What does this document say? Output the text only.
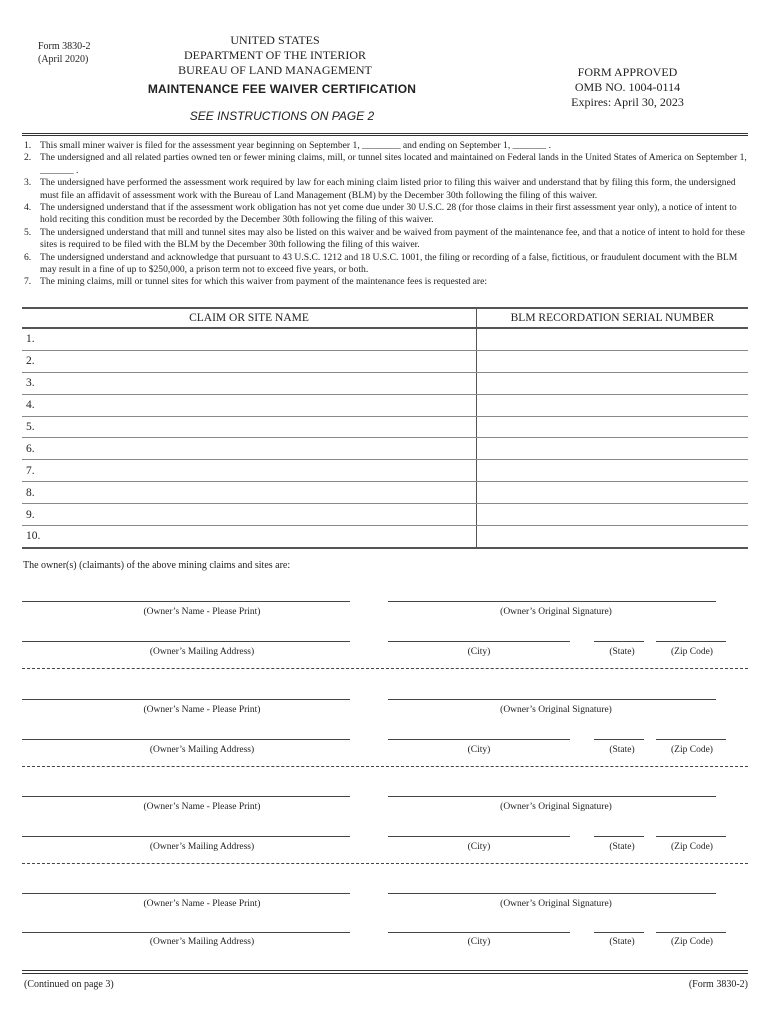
Form 3830-2
(April 2020)
UNITED STATES
DEPARTMENT OF THE INTERIOR
BUREAU OF LAND MANAGEMENT
MAINTENANCE FEE WAIVER CERTIFICATION
FORM APPROVED
OMB NO. 1004-0114
Expires: April 30, 2023
SEE INSTRUCTIONS ON PAGE 2
1. This small miner waiver is filed for the assessment year beginning on September 1, ________ and ending on September 1, _______ .
2. The undersigned and all related parties owned ten or fewer mining claims, mill, or tunnel sites located and maintained on Federal lands in the United States of America on September 1, _______ .
3. The undersigned have performed the assessment work required by law for each mining claim listed prior to filing this waiver and understand that by filing this form, the undersigned must file an affidavit of assessment work with the Bureau of Land Management (BLM) by the December 30th following the filing of this waiver.
4. The undersigned understand that if the assessment work obligation has not yet come due under 30 U.S.C. 28 (for those claims in their first assessment year only), a notice of intent to hold reciting this condition must be recorded by the December 30th following the filing of this waiver.
5. The undersigned understand that mill and tunnel sites may also be listed on this waiver and be waived from payment of the maintenance fee, and that a notice of intent to hold for these sites is required to be filed with the BLM by the December 30th following the filing of this waiver.
6. The undersigned understand and acknowledge that pursuant to 43 U.S.C. 1212 and 18 U.S.C. 1001, the filing or recording of a false, fictitious, or fraudulent document with the BLM may result in a fine of up to $250,000, a prison term not to exceed five years, or both.
7. The mining claims, mill or tunnel sites for which this waiver from payment of the maintenance fees is requested are:
CLAIM OR SITE NAME	BLM RECORDATION SERIAL NUMBER
1.	
2.	
3.	
4.	
5.	
6.	
7.	
8.	
9.	
10.	
The owner(s) (claimants) of the above mining claims and sites are:
(Owner’s Name - Please Print)	(Owner’s Original Signature)
(Owner’s Mailing Address)	(City)	(State)	(Zip Code)
(Owner’s Name - Please Print)	(Owner’s Original Signature)
(Owner’s Mailing Address)	(City)	(State)	(Zip Code)
(Owner’s Name - Please Print)	(Owner’s Original Signature)
(Owner’s Mailing Address)	(City)	(State)	(Zip Code)
(Owner’s Name - Please Print)	(Owner’s Original Signature)
(Owner’s Mailing Address)	(City)	(State)	(Zip Code)
(Continued on page 3)	(Form 3830-2)
